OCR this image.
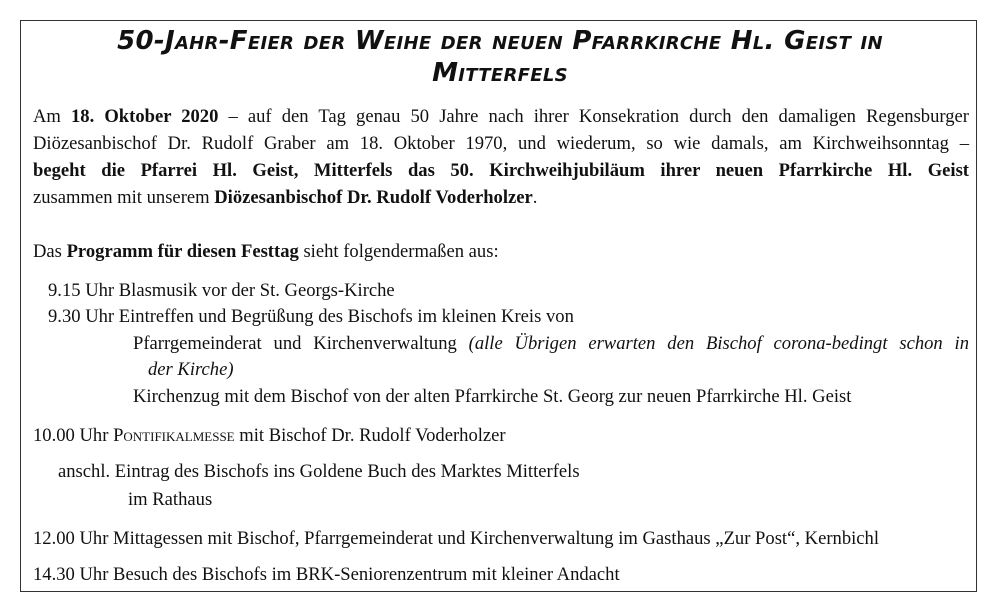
50-Jahr-Feier der Weihe der neuen Pfarrkirche Hl. Geist in
Mitterfels
Am 18. Oktober 2020 – auf den Tag genau 50 Jahre nach ihrer Konsekration durch den damaligen Regensburger
Diözesanbischof Dr. Rudolf Graber am 18. Oktober 1970, und wiederum, so wie damals, am Kirchweihsonntag –
begeht die Pfarrei Hl. Geist, Mitterfels das 50. Kirchweihjubiläum ihrer neuen Pfarrkirche Hl. Geist
zusammen mit unserem Diözesanbischof Dr. Rudolf Voderholzer.
Das Programm für diesen Festtag sieht folgendermaßen aus:
9.15 Uhr Blasmusik vor der St. Georgs-Kirche
9.30 Uhr Eintreffen und Begrüßung des Bischofs im kleinen Kreis von
Pfarrgemeinderat und Kirchenverwaltung (alle Übrigen erwarten den Bischof corona-bedingt schon in
der Kirche)
Kirchenzug mit dem Bischof von der alten Pfarrkirche St. Georg zur neuen Pfarrkirche Hl. Geist
10.00 Uhr Pontifikalmesse mit Bischof Dr. Rudolf Voderholzer
anschl. Eintrag des Bischofs ins Goldene Buch des Marktes Mitterfels
im Rathaus
12.00 Uhr Mittagessen mit Bischof, Pfarrgemeinderat und Kirchenverwaltung im Gasthaus „Zur Post“, Kernbichl
14.30 Uhr Besuch des Bischofs im BRK-Seniorenzentrum mit kleiner Andacht
